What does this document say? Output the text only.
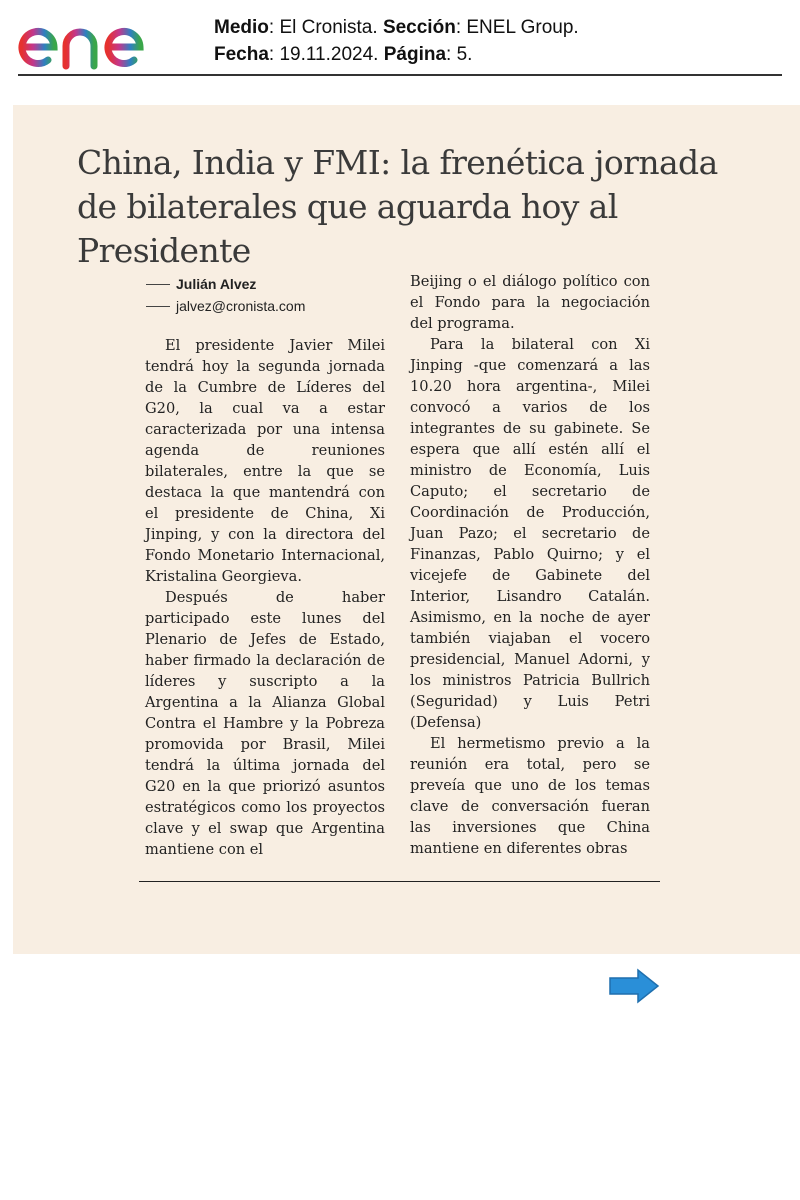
Medio: El Cronista. Sección: ENEL Group.
Fecha: 19.11.2024. Página: 5.
China, India y FMI: la frenética jornada de bilaterales que aguarda hoy al Presidente
Julián Alvez
jalvez@cronista.com

El presidente Javier Milei tendrá hoy la segunda jornada de la Cumbre de Líderes del G20, la cual va a estar caracterizada por una intensa agenda de reuniones bilaterales, entre la que se destaca la que mantendrá con el presidente de China, Xi Jinping, y con la directora del Fondo Monetario Internacional, Kristalina Georgieva.

Después de haber participado este lunes del Plenario de Jefes de Estado, haber firmado la declaración de líderes y suscripto a la Argentina a la Alianza Global Contra el Hambre y la Pobreza promovida por Brasil, Milei tendrá la última jornada del G20 en la que priorizó asuntos estratégicos como los proyectos clave y el swap que Argentina mantiene con el

Beijing o el diálogo político con el Fondo para la negociación del programa.

Para la bilateral con Xi Jinping -que comenzará a las 10.20 hora argentina-, Milei convocó a varios de los integrantes de su gabinete. Se espera que allí estén allí el ministro de Economía, Luis Caputo; el secretario de Coordinación de Producción, Juan Pazo; el secretario de Finanzas, Pablo Quirno; y el vicejefe de Gabinete del Interior, Lisandro Catalán. Asimismo, en la noche de ayer también viajaban el vocero presidencial, Manuel Adorni, y los ministros Patricia Bullrich (Seguridad) y Luis Petri (Defensa)

El hermetismo previo a la reunión era total, pero se preveía que uno de los temas clave de conversación fueran las inversiones que China mantiene en diferentes obras
